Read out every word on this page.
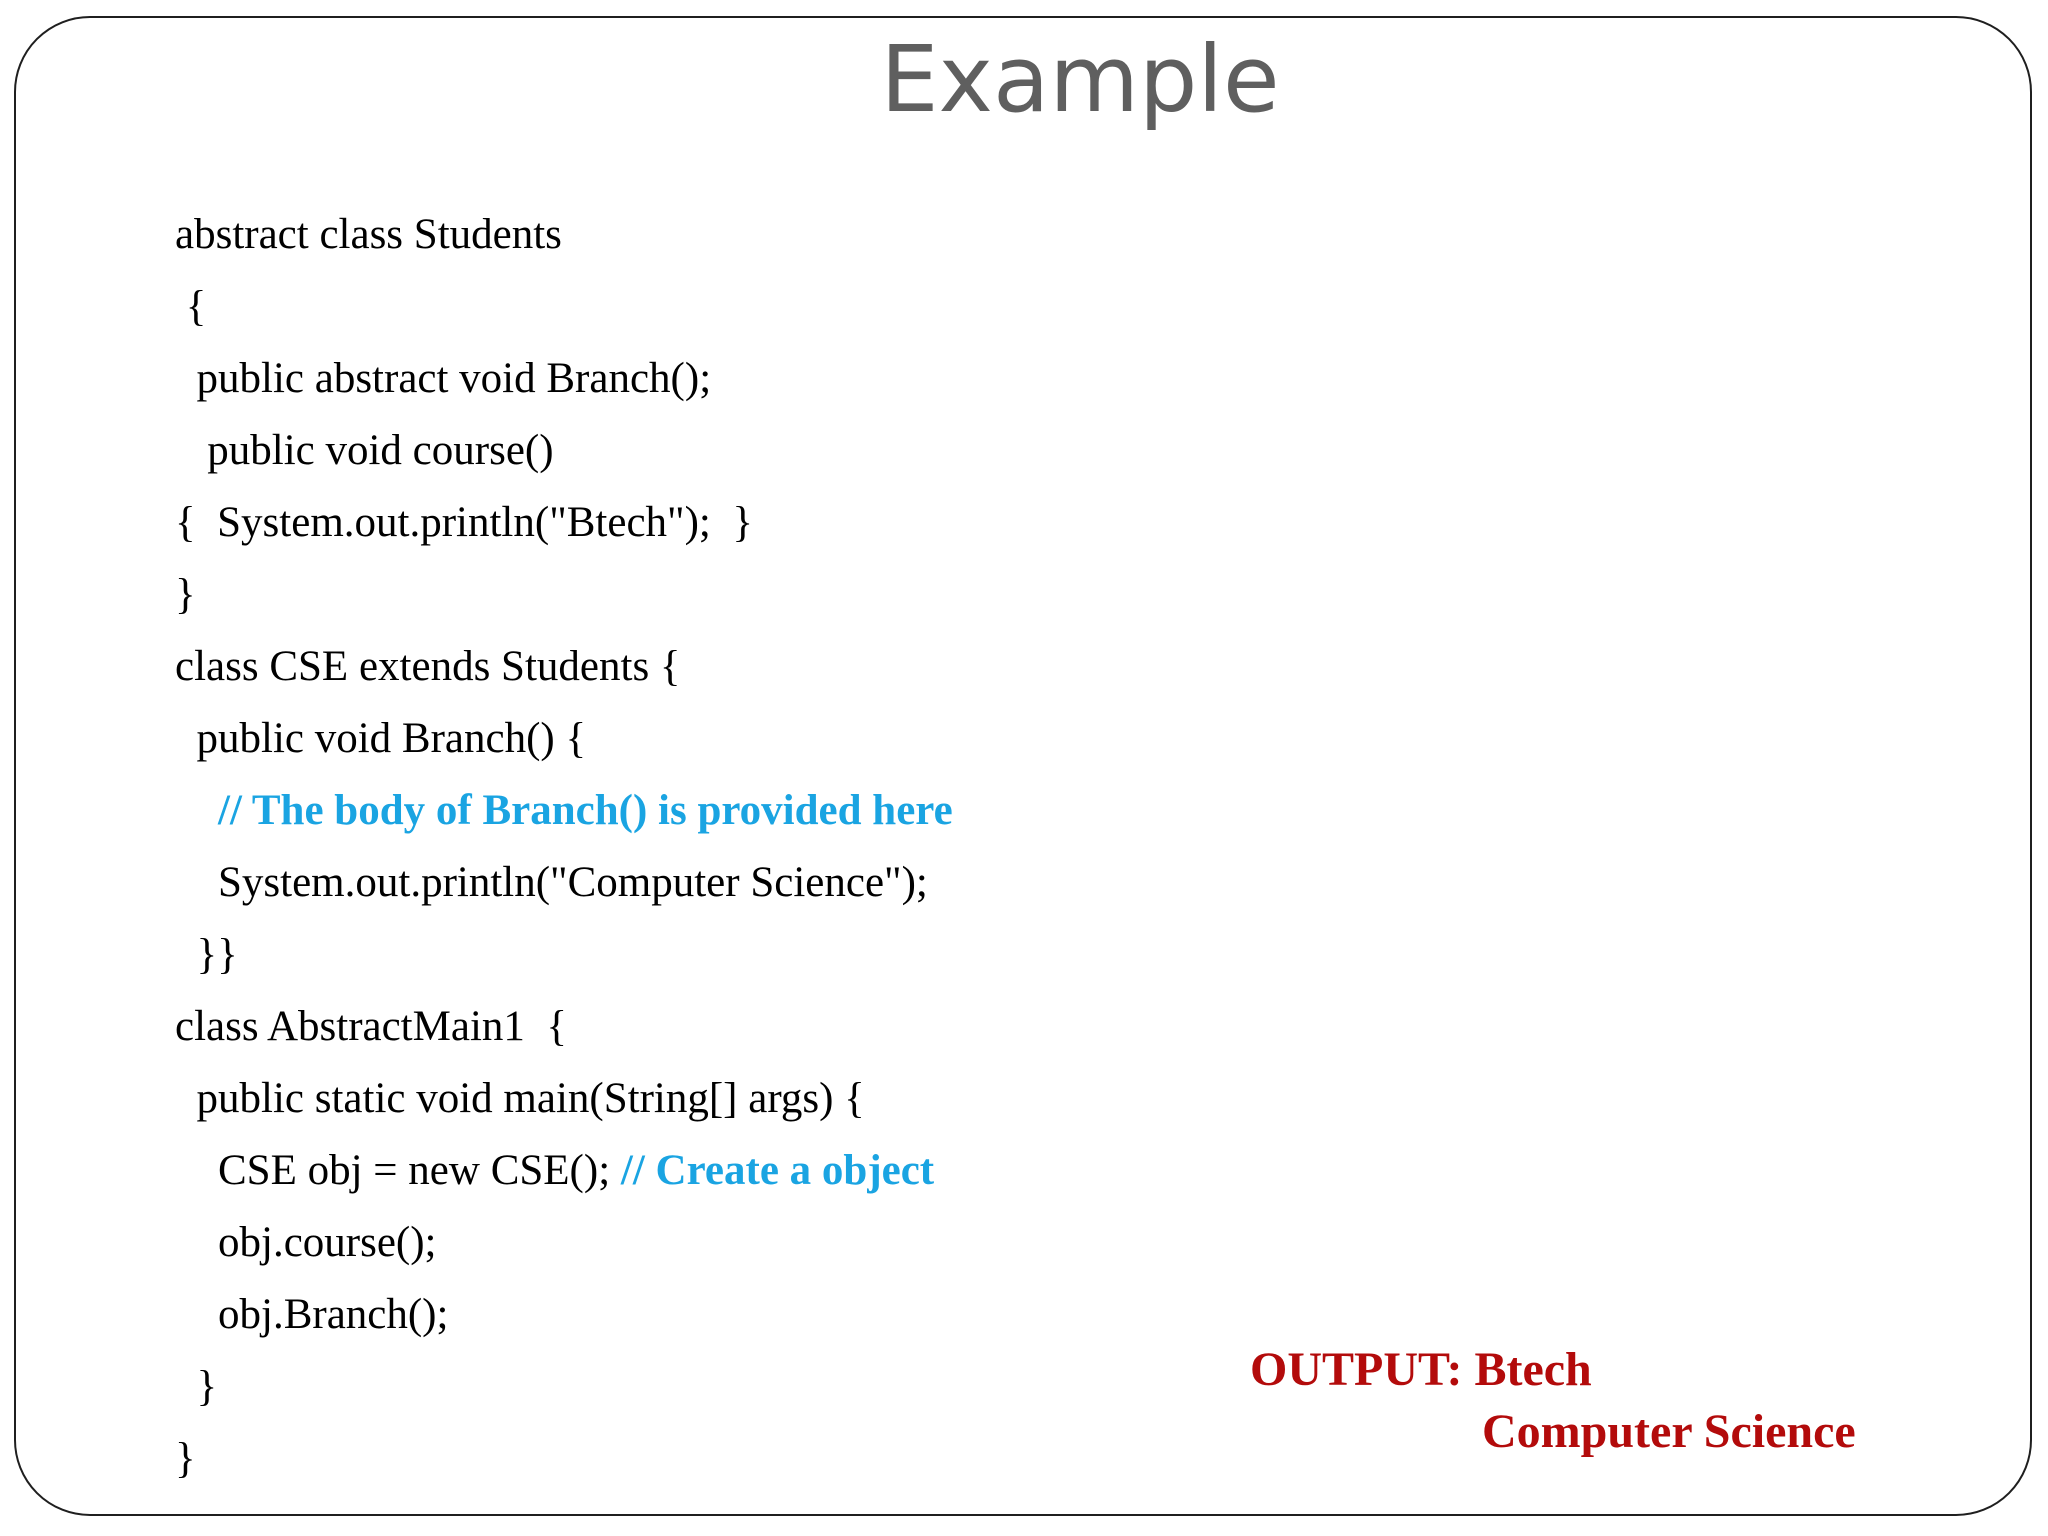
Example
abstract class Students
{
public abstract void Branch();
public void course()
{  System.out.println("Btech");  }
}
class CSE extends Students {
public void Branch() {
// The body of Branch() is provided here
System.out.println("Computer Science");
}}
class AbstractMain1  {
public static void main(String[] args) {
CSE obj = new CSE(); // Create a object
obj.course();
obj.Branch();
}
}
OUTPUT: Btech
Computer Science
